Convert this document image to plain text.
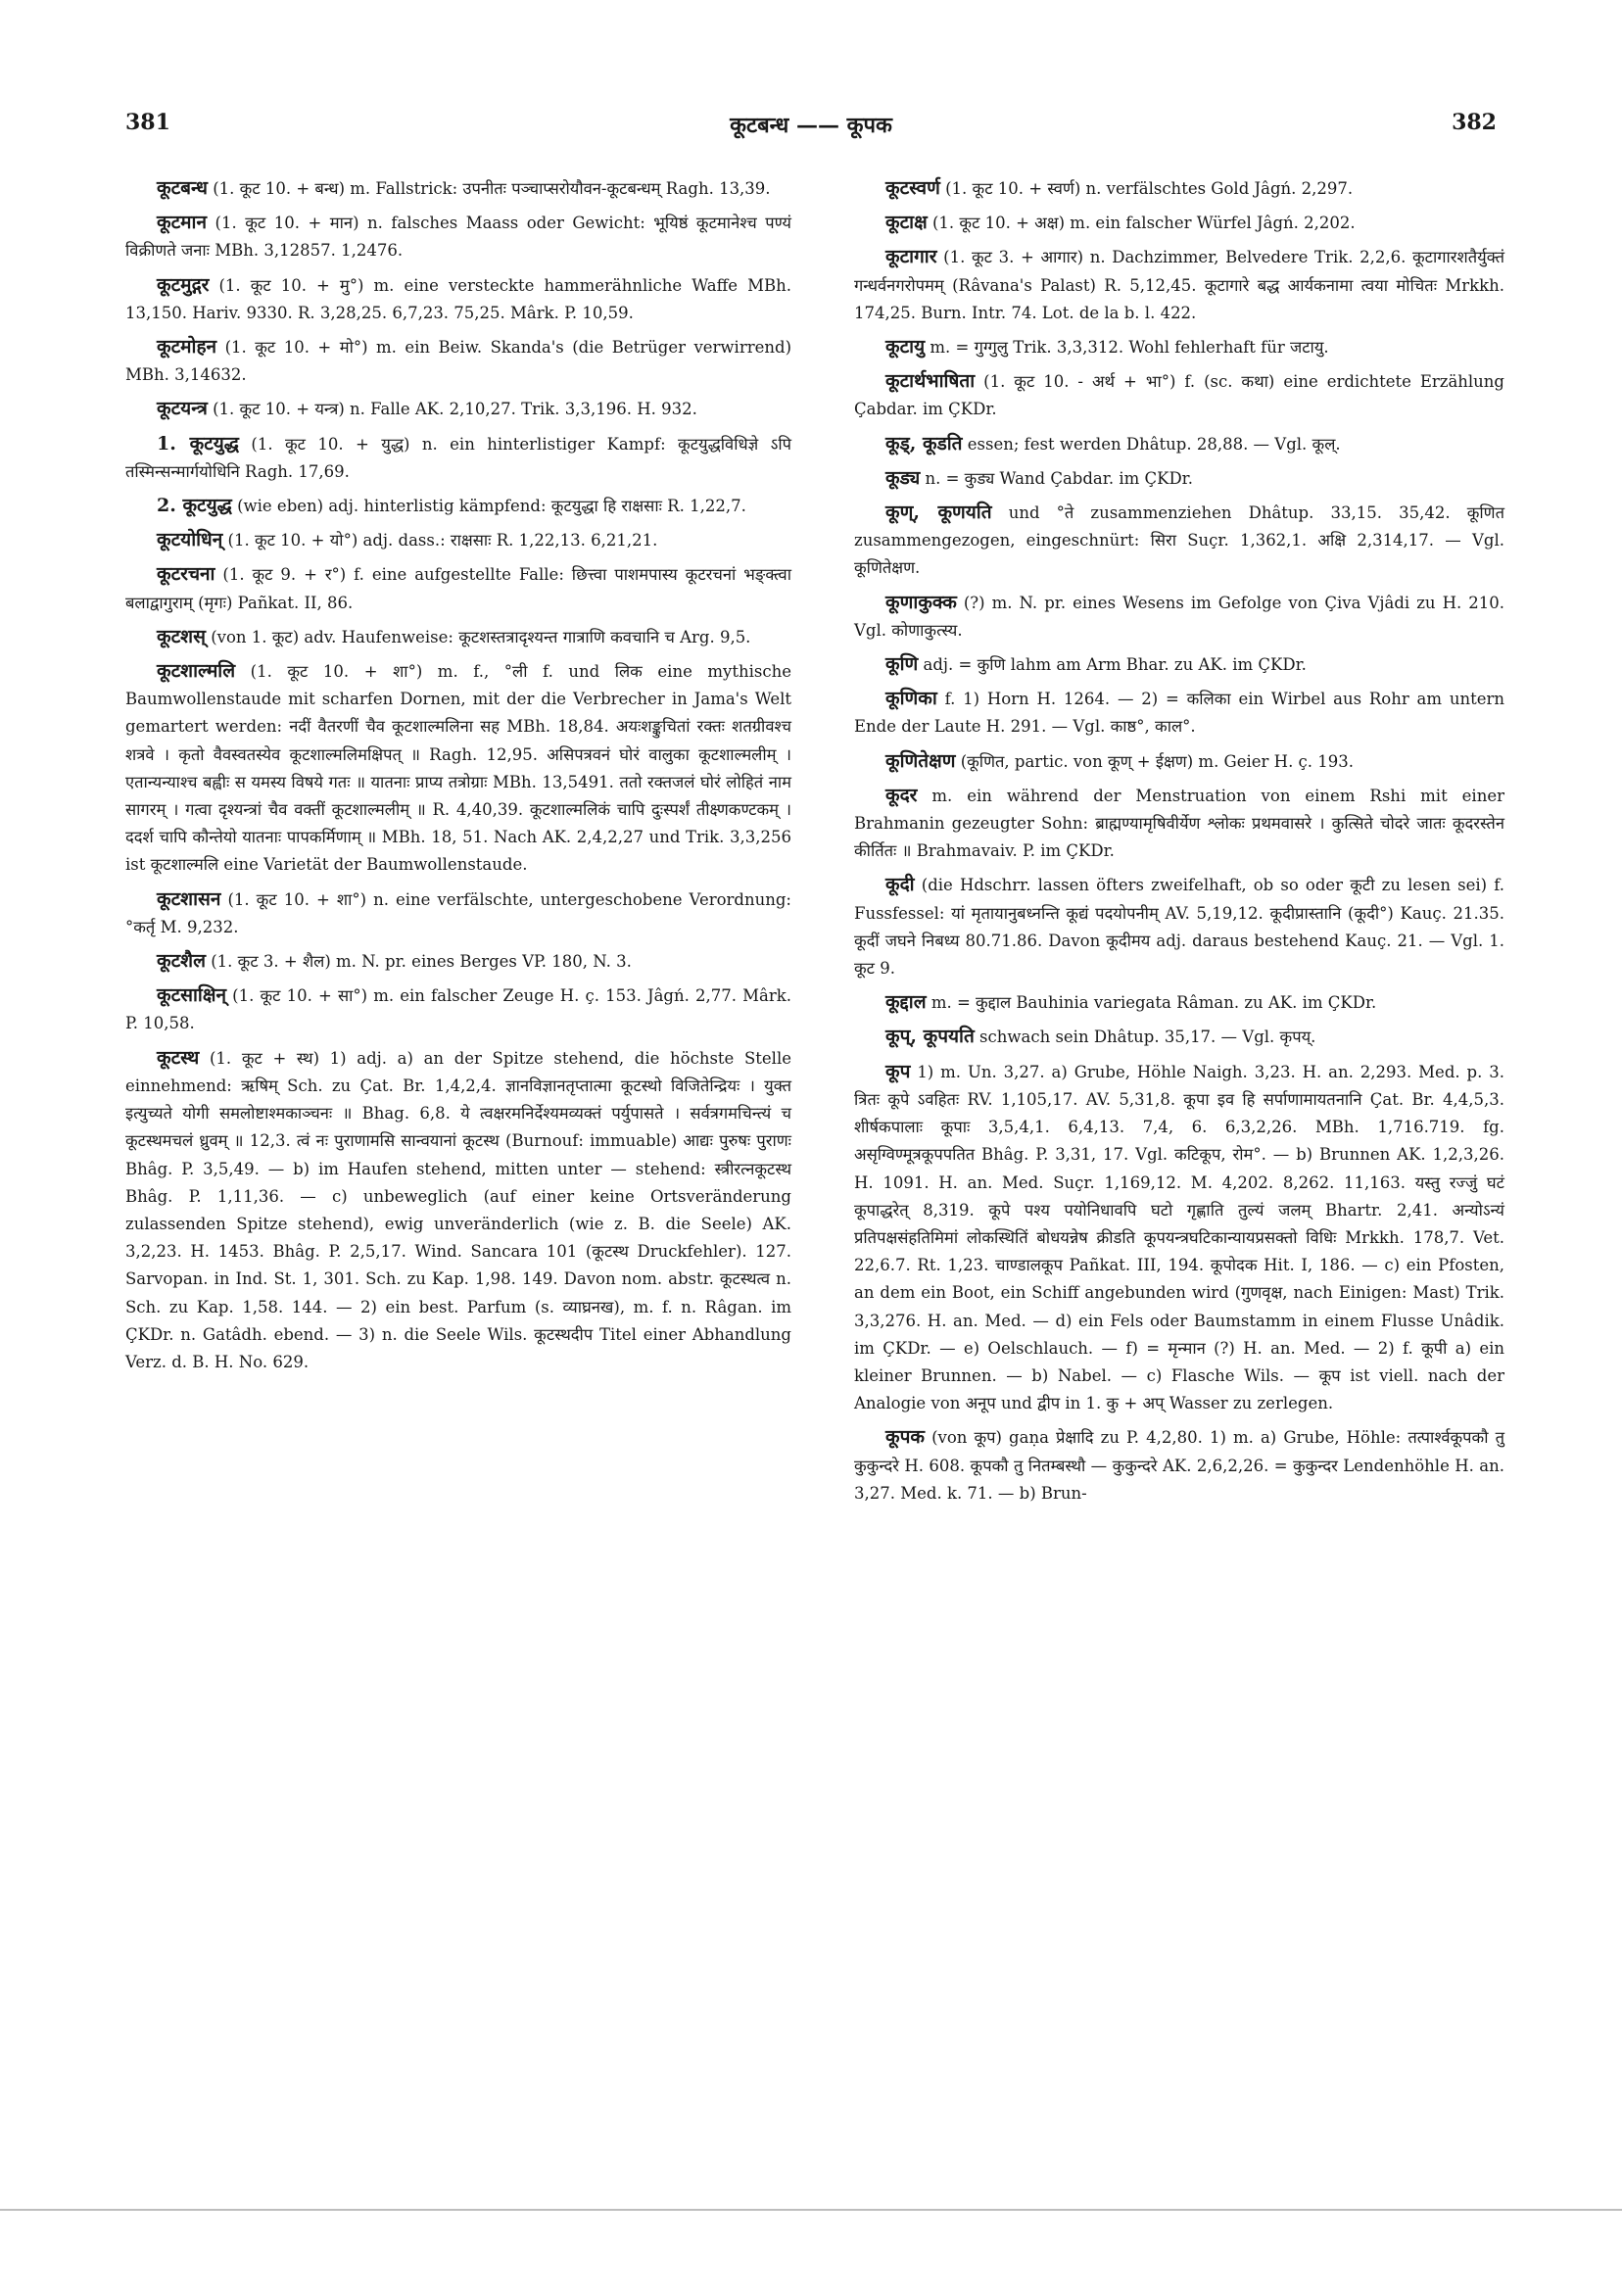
381	कूटबन्ध —— कूपक	382

कूटबन्ध (1. कूट 10. + बन्ध) m. Fallstrick: उपनीतः पञ्चाप्सरोयौवन-कूटबन्धम् Ragh. 13,39.

कूटमान (1. कूट 10. + मान) n. falsches Maass oder Gewicht: भूयिष्ठं कूटमानेश्च पण्यं विक्रीणते जनाः MBh. 3,12857. 1,2476.

कूटमुद्गर (1. कूट 10. + मु°) m. eine versteckte hammerähnliche Waffe MBh. 13,150. Hariv. 9330. R. 3,28,25. 6,7,23. 75,25. Mârk. P. 10,59.

कूटमोहन (1. कूट 10. + मो°) m. ein Beiw. Skanda's (die Betrüger verwirrend) MBh. 3,14632.

कूटयन्त्र (1. कूट 10. + यन्त्र) n. Falle AK. 2,10,27. Trik. 3,3,196. H. 932.

1. कूटयुद्ध (1. कूट 10. + युद्ध) n. ein hinterlistiger Kampf: कूटयुद्धविधिज्ञे ऽपि तस्मिन्सन्मार्गयोधिनि Ragh. 17,69.

2. कूटयुद्ध (wie eben) adj. hinterlistig kämpfend: कूटयुद्धा हि राक्षसाः R. 1,22,7.

कूटयोधिन् (1. कूट 10. + यो°) adj. dass.: राक्षसाः R. 1,22,13. 6,21,21.

कूटरचना (1. कूट 9. + र°) f. eine aufgestellte Falle: छित्त्वा पाशमपास्य कूटरचनां भङ्क्त्वा बलाद्वागुराम् (मृगः) Pañkat. II, 86.

कूटशस् (von 1. कूट) adv. Haufenweise: कूटशस्तत्रादृश्यन्त गात्राणि कवचानि च Arg. 9,5.

कूटशाल्मलि (1. कूट 10. + शा°) m. f., °ली f. und लिक eine mythische Baumwollenstaude mit scharfen Dornen, mit der die Verbrecher in Jama's Welt gemartert werden: नदीं वैतरणीं चैव कूटशाल्मलिना सह MBh. 18,84. अयःशङ्कुचितां रक्तः शतग्रीवश्च शत्रवे । कृतो वैवस्वतस्येव कूटशाल्मलिमक्षिपत् ॥ Ragh. 12,95. असिपत्रवनं घोरं वालुका कूटशाल्मलीम् । एतान्यन्याश्च बह्वीः स यमस्य विषये गतः ॥ यातनाः प्राप्य तत्रोग्राः MBh. 13,5491. ततो रक्तजलं घोरं लोहितं नाम सागरम् । गत्वा दृश्यन्त्रां चैव वक्तीं कूटशाल्मलीम् ॥ R. 4,40,39. कूटशाल्मलिकं चापि दुःस्पर्शं तीक्ष्णकण्टकम् । ददर्श चापि कौन्तेयो यातनाः पापकर्मिणाम् ॥ MBh. 18, 51. Nach AK. 2,4,2,27 und Trik. 3,3,256 ist कूटशाल्मलि eine Varietät der Baumwollenstaude.

कूटशासन (1. कूट 10. + शा°) n. eine verfälschte, untergeschobene Verordnung: °कर्तृ M. 9,232.

कूटशैल (1. कूट 3. + शैल) m. N. pr. eines Berges VP. 180, N. 3.

कूटसाक्षिन् (1. कूट 10. + सा°) m. ein falscher Zeuge H. ç. 153. Jâgń. 2,77. Mârk. P. 10,58.

कूटस्थ (1. कूट + स्थ) 1) adj. a) an der Spitze stehend, die höchste Stelle einnehmend: ऋषिम् Sch. zu Çat. Br. 1,4,2,4. ज्ञानविज्ञानतृप्तात्मा कूटस्थो विजितेन्द्रियः । युक्त इत्युच्यते योगी समलोष्टाश्मकाञ्चनः ॥ Bhag. 6,8. ये त्वक्षरमनिर्देश्यमव्यक्तं पर्युपासते । सर्वत्रगमचिन्त्यं च कूटस्थमचलं ध्रुवम् ॥ 12,3. त्वं नः पुराणामसि सान्वयानां कूटस्थ (Burnouf: immuable) आद्यः पुरुषः पुराणः Bhâg. P. 3,5,49. — b) im Haufen stehend, mitten unter — stehend: स्त्रीरत्नकूटस्थ Bhâg. P. 1,11,36. — c) unbeweglich (auf einer keine Ortsveränderung zulassenden Spitze stehend), ewig unveränderlich (wie z. B. die Seele) AK. 3,2,23. H. 1453. Bhâg. P. 2,5,17. Wind. Sancara 101 (कूटस्थ Druckfehler). 127. Sarvopan. in Ind. St. 1, 301. Sch. zu Kap. 1,98. 149. Davon nom. abstr. कूटस्थत्व n. Sch. zu Kap. 1,58. 144. — 2) ein best. Parfum (s. व्याघ्रनख), m. f. n. Râgan. im ÇKDr. n. Gatâdh. ebend. — 3) n. die Seele Wils. कूटस्थदीप Titel einer Abhandlung Verz. d. B. H. No. 629.

कूटस्वर्ण (1. कूट 10. + स्वर्ण) n. verfälschtes Gold Jâgń. 2,297.

कूटाक्ष (1. कूट 10. + अक्ष) m. ein falscher Würfel Jâgń. 2,202.

कूटागार (1. कूट 3. + आगार) n. Dachzimmer, Belvedere Trik. 2,2,6. कूटागारशतैर्युक्तं गन्धर्वनगरोपमम् (Râvana's Palast) R. 5,12,45. कूटागारे बद्ध आर्यकनामा त्वया मोचितः Mrkkh. 174,25. Burn. Intr. 74. Lot. de la b. l. 422.

कूटायु m. = गुग्गुलु Trik. 3,3,312. Wohl fehlerhaft für जटायु.

कूटार्थभाषिता (1. कूट 10. - अर्थ + भा°) f. (sc. कथा) eine erdichtete Erzählung Çabdar. im ÇKDr.

कूड्, कूडति essen; fest werden Dhâtup. 28,88. — Vgl. कूल्.

कूड्य n. = कुड्य Wand Çabdar. im ÇKDr.

कूण्, कूणयति und °ते zusammenziehen Dhâtup. 33,15. 35,42. कूणित zusammengezogen, eingeschnürt: सिरा Suçr. 1,362,1. अक्षि 2,314,17. — Vgl. कूणितेक्षण.

कूणाकुक्क (?) m. N. pr. eines Wesens im Gefolge von Çiva Vjâdi zu H. 210. Vgl. कोणाकुत्स्य.

कूणि adj. = कुणि lahm am Arm Bhar. zu AK. im ÇKDr.

कूणिका f. 1) Horn H. 1264. — 2) = कलिका ein Wirbel aus Rohr am untern Ende der Laute H. 291. — Vgl. काष्ठ°, काल°.

कूणितेक्षण (कूणित, partic. von कूण् + ईक्षण) m. Geier H. ç. 193.

कूदर m. ein während der Menstruation von einem Rshi mit einer Brahmanin gezeugter Sohn: ब्राह्मण्यामृषिवीर्येण श्लोकः प्रथमवासरे । कुत्सिते चोदरे जातः कूदरस्तेन कीर्तितः ॥ Brahmavaiv. P. im ÇKDr.

कूदी (die Hdschrr. lassen öfters zweifelhaft, ob so oder कूटी zu lesen sei) f. Fussfessel: यां मृतायानुबध्नन्ति कूद्यं पदयोपनीम् AV. 5,19,12. कूदीप्रास्तानि (कूदी°) Kauç. 21.35. कूदीं जघने निबध्य 80.71.86. Davon कूदीमय adj. daraus bestehend Kauç. 21. — Vgl. 1. कूट 9.

कूद्दाल m. = कुद्दाल Bauhinia variegata Râman. zu AK. im ÇKDr.

कूप्, कूपयति schwach sein Dhâtup. 35,17. — Vgl. कृपय्.

कूप 1) m. Un. 3,27. a) Grube, Höhle Naigh. 3,23. H. an. 2,293. Med. p. 3. त्रितः कूपे ऽवहितः RV. 1,105,17. AV. 5,31,8. कूपा इव हि सर्पाणामायतनानि Çat. Br. 4,4,5,3. शीर्षकपालाः कूपाः 3,5,4,1. 6,4,13. 7,4, 6. 6,3,2,26. MBh. 1,716.719. fg. असृग्विण्मूत्रकूपपतित Bhâg. P. 3,31, 17. Vgl. कटिकूप, रोम°. — b) Brunnen AK. 1,2,3,26. H. 1091. H. an. Med. Suçr. 1,169,12. M. 4,202. 8,262. 11,163. यस्तु रज्जुं घटं कूपाद्धरेत् 8,319. कूपे पश्य पयोनिधावपि घटो गृह्णाति तुल्यं जलम् Bhartr. 2,41. अन्योऽन्यं प्रतिपक्षसंहतिमिमां लोकस्थितिं बोधयन्नेष क्रीडति कूपयन्त्रघटिकान्यायप्रसक्तो विधिः Mrkkh. 178,7. Vet. 22,6.7. Rt. 1,23. चाण्डालकूप Pañkat. III, 194. कूपोदक Hit. I, 186. — c) ein Pfosten, an dem ein Boot, ein Schiff angebunden wird (गुणवृक्ष, nach Einigen: Mast) Trik. 3,3,276. H. an. Med. — d) ein Fels oder Baumstamm in einem Flusse Unâdik. im ÇKDr. — e) Oelschlauch. — f) = मृन्मान (?) H. an. Med. — 2) f. कूपी a) ein kleiner Brunnen. — b) Nabel. — c) Flasche Wils. — कूप ist viell. nach der Analogie von अनूप und द्वीप in 1. कु + अप् Wasser zu zerlegen.

कूपक (von कूप) gaṇa प्रेक्षादि zu P. 4,2,80. 1) m. a) Grube, Höhle: तत्पार्श्वकूपकौ तु कुकुन्दरे H. 608. कूपकौ तु नितम्बस्थौ — कुकुन्दरे AK. 2,6,2,26. = कुकुन्दर Lendenhöhle H. an. 3,27. Med. k. 71. — b) Brun-
